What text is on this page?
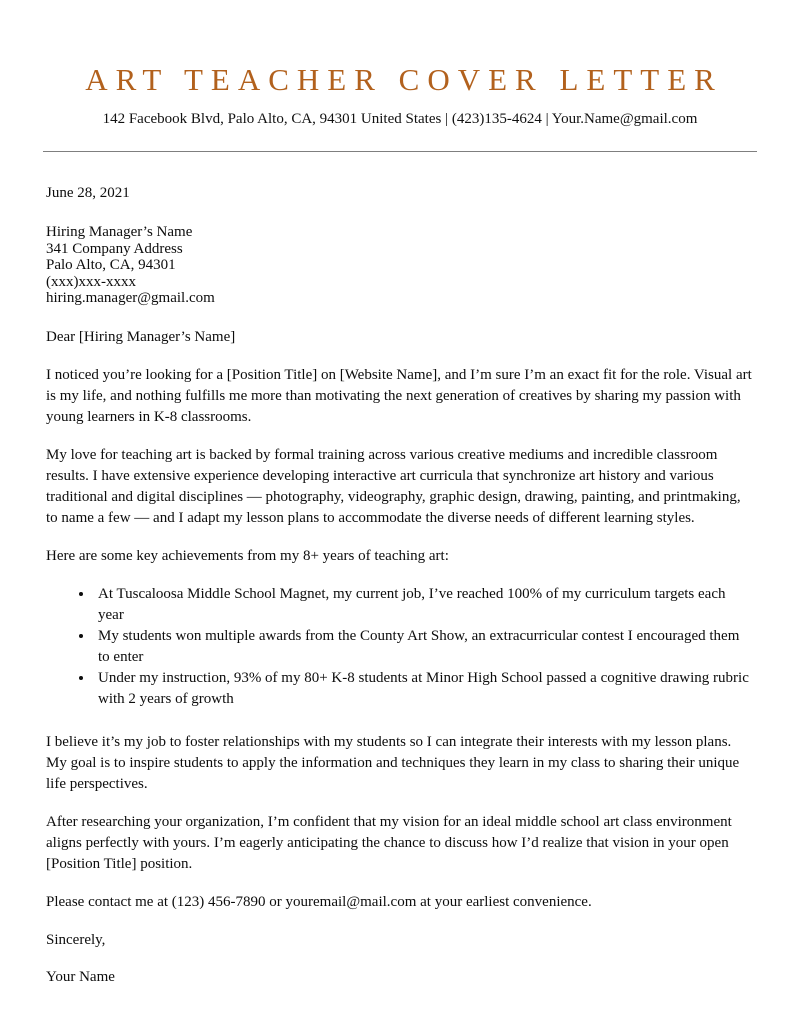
ART TEACHER COVER LETTER

142 Facebook Blvd, Palo Alto, CA, 94301 United States | (423)135-4624 | Your.Name@gmail.com

June 28, 2021

Hiring Manager’s Name

341 Company Address

Palo Alto, CA, 94301

(xxx)xxx-xxxx

hiring.manager@gmail.com

Dear [Hiring Manager’s Name]

I noticed you’re looking for a [Position Title] on [Website Name], and I’m sure I’m an exact fit for the role. Visual art is my life, and nothing fulfills me more than motivating the next generation of creatives by sharing my passion with young learners in K-8 classrooms.

My love for teaching art is backed by formal training across various creative mediums and incredible classroom results. I have extensive experience developing interactive art curricula that synchronize art history and various traditional and digital disciplines — photography, videography, graphic design, drawing, painting, and printmaking, to name a few — and I adapt my lesson plans to accommodate the diverse needs of different learning styles.

Here are some key achievements from my 8+ years of teaching art:

• At Tuscaloosa Middle School Magnet, my current job, I’ve reached 100% of my curriculum targets each year
• My students won multiple awards from the County Art Show, an extracurricular contest I encouraged them to enter
• Under my instruction, 93% of my 80+ K-8 students at Minor High School passed a cognitive drawing rubric with 2 years of growth

I believe it’s my job to foster relationships with my students so I can integrate their interests with my lesson plans. My goal is to inspire students to apply the information and techniques they learn in my class to sharing their unique life perspectives.

After researching your organization, I’m confident that my vision for an ideal middle school art class environment aligns perfectly with yours. I’m eagerly anticipating the chance to discuss how I’d realize that vision in your open [Position Title] position.

Please contact me at (123) 456-7890 or youremail@mail.com at your earliest convenience.

Sincerely,

Your Name
